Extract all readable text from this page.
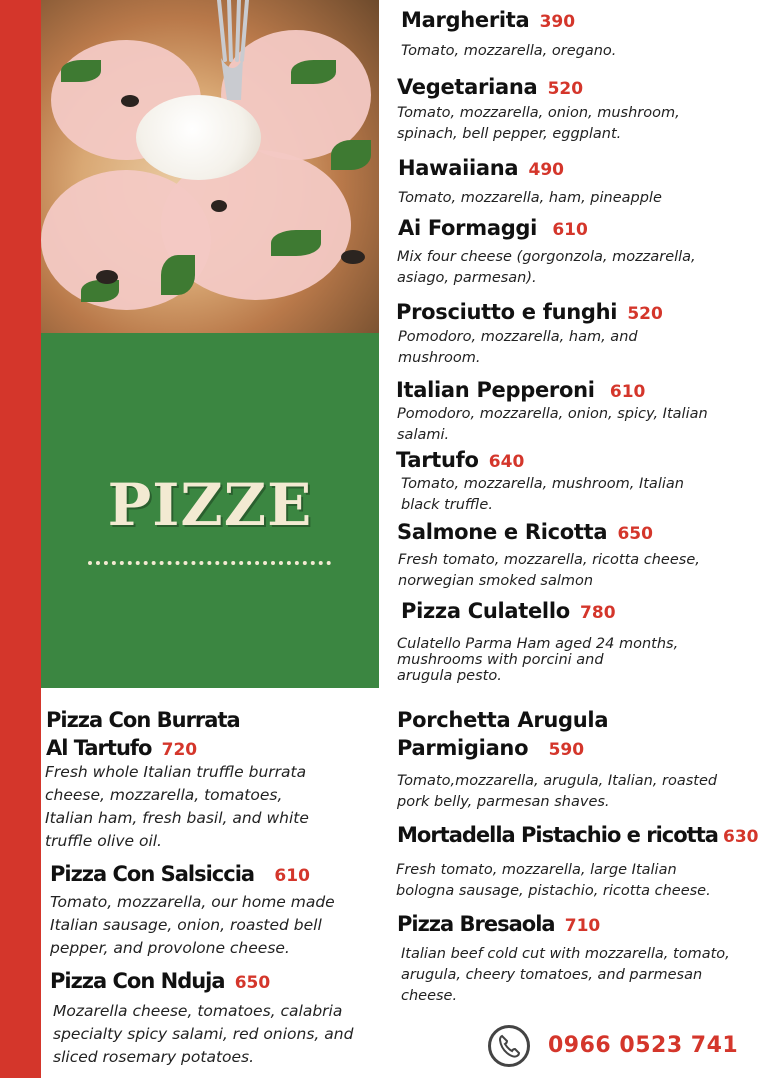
PIZZE
Margherita 390
Tomato, mozzarella, oregano.
Vegetariana 520
Tomato, mozzarella, onion, mushroom,
spinach, bell pepper, eggplant.
Hawaiiana 490
Tomato, mozzarella, ham, pineapple
Ai Formaggi 610
Mix four cheese (gorgonzola, mozzarella,
asiago, parmesan).
Prosciutto e funghi 520
Pomodoro, mozzarella, ham, and
mushroom.
Italian Pepperoni 610
Pomodoro, mozzarella, onion, spicy, Italian
salami.
Tartufo 640
Tomato, mozzarella, mushroom, Italian
black truffle.
Salmone e Ricotta 650
Fresh tomato, mozzarella, ricotta cheese,
norwegian smoked salmon
Pizza Culatello 780
Culatello Parma Ham aged 24 months,
mushrooms with porcini and
arugula pesto.
Porchetta Arugula
Parmigiano 590
Tomato,mozzarella, arugula, Italian, roasted
pork belly, parmesan shaves.
Mortadella Pistachio e ricotta 630
Fresh tomato, mozzarella, large Italian
bologna sausage, pistachio, ricotta cheese.
Pizza Bresaola 710
Italian beef cold cut with mozzarella, tomato,
arugula, cheery tomatoes, and parmesan
cheese.
Pizza Con Burrata
Al Tartufo 720
Fresh whole Italian truffle burrata
cheese, mozzarella, tomatoes,
Italian ham, fresh basil, and white
truffle olive oil.
Pizza Con Salsiccia 610
Tomato, mozzarella, our home made
Italian sausage, onion, roasted bell
pepper, and provolone cheese.
Pizza Con Nduja 650
Mozarella cheese, tomatoes, calabria
specialty spicy salami, red onions, and
sliced rosemary potatoes.	0966 0523 741
